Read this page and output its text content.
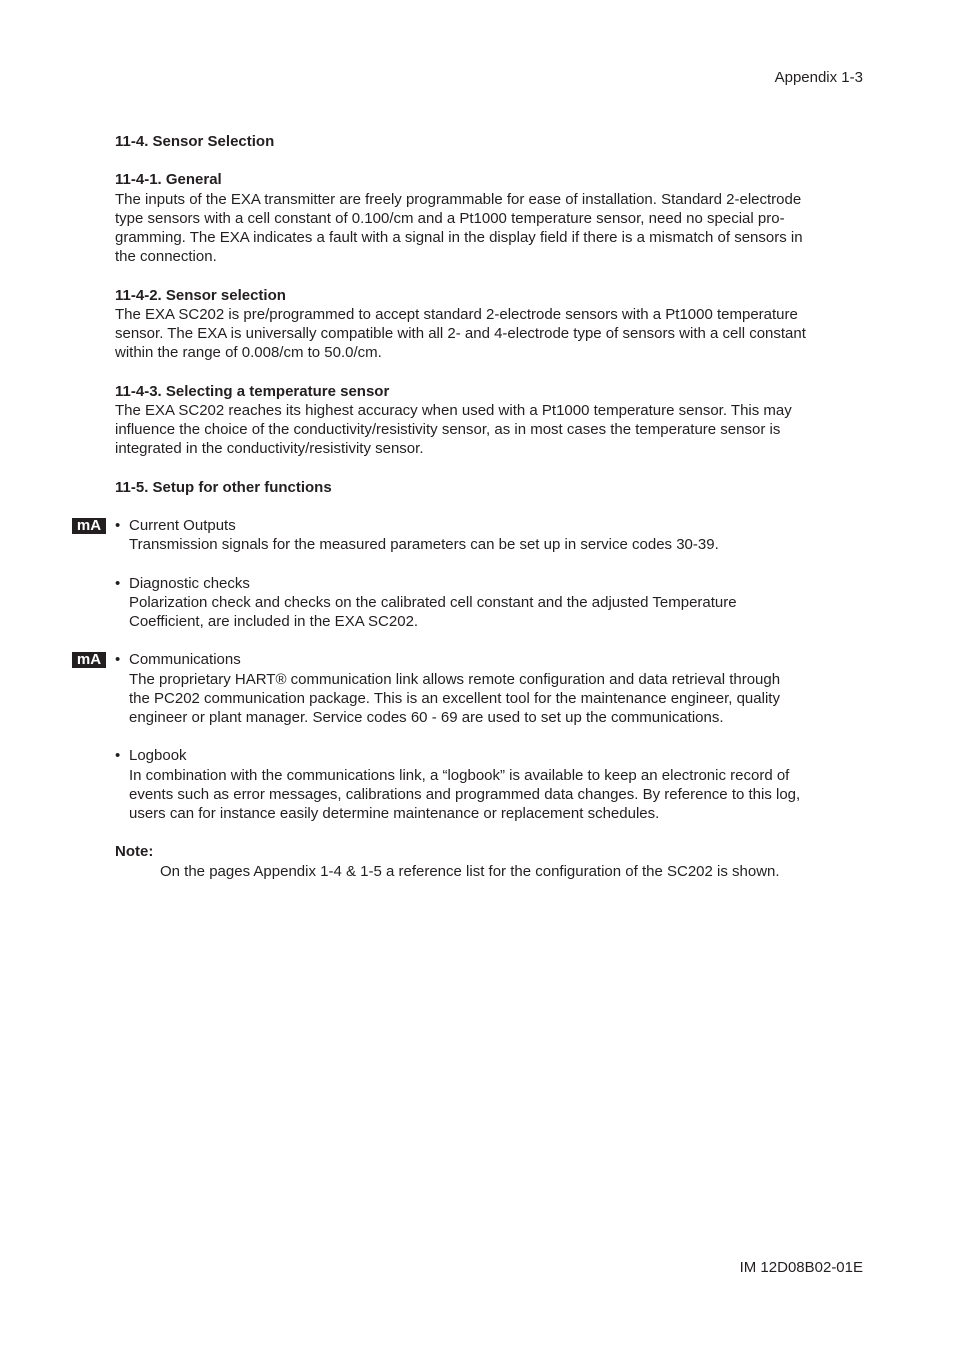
Appendix 1-3
11-4. Sensor Selection
11-4-1. General
The inputs of the EXA transmitter are freely programmable for ease of installation. Standard 2-electrode
type sensors with a cell constant of 0.100/cm and a Pt1000 temperature sensor, need no special pro-
gramming. The EXA indicates a fault with a signal in the display field if there is a mismatch of sensors in
the connection.
11-4-2. Sensor selection
The EXA SC202 is pre/programmed to accept standard 2-electrode sensors with a Pt1000 temperature
sensor. The EXA is universally compatible with all 2- and 4-electrode type of sensors with a cell constant
within the range of 0.008/cm to 50.0/cm.
11-4-3. Selecting a temperature sensor
The EXA SC202 reaches its highest accuracy when used with a Pt1000 temperature sensor. This may
influence the choice of the conductivity/resistivity sensor, as in most cases the temperature sensor is
integrated in the conductivity/resistivity sensor.
11-5. Setup for other functions
mA • Current Outputs
Transmission signals for the measured parameters can be set up in service codes 30-39.
• Diagnostic checks
Polarization check and checks on the calibrated cell constant and the adjusted Temperature
Coefficient, are included in the EXA SC202.
mA • Communications
The proprietary HART® communication link allows remote configuration and data retrieval through
the PC202 communication package. This is an excellent tool for the maintenance engineer, quality
engineer or plant manager. Service codes 60 - 69 are used to set up the communications.
• Logbook
In combination with the communications link, a “logbook” is available to keep an electronic record of
events such as error messages, calibrations and programmed data changes. By reference to this log,
users can for instance easily determine maintenance or replacement schedules.
Note:
On the pages Appendix 1-4 & 1-5 a reference list for the configuration of the SC202 is shown.
IM 12D08B02-01E
